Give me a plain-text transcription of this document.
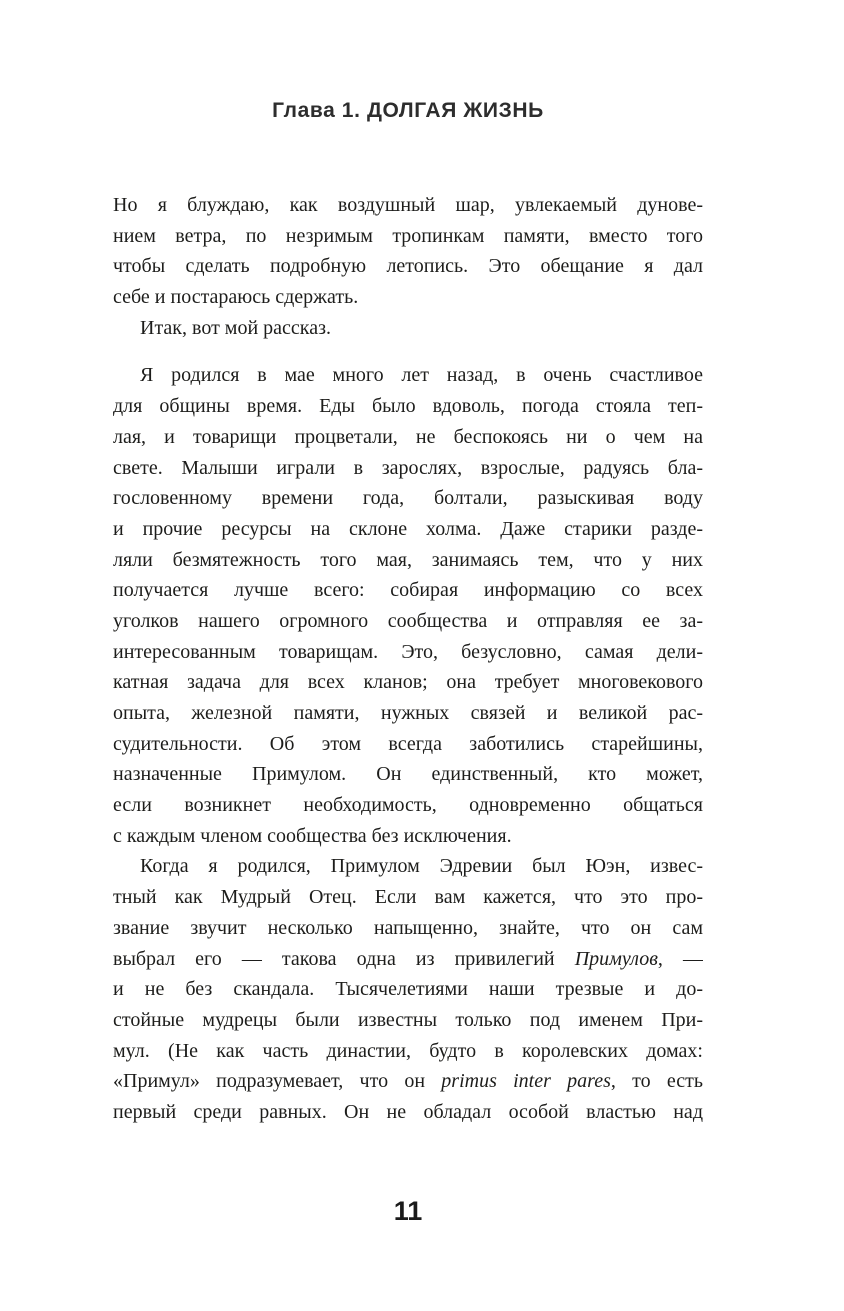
Глава 1. ДОЛГАЯ ЖИЗНЬ
Но я блуждаю, как воздушный шар, увлекаемый дунове-
нием ветра, по незримым тропинкам памяти, вместо того
чтобы сделать подробную летопись. Это обещание я дал
себе и постараюсь сдержать.
Итак, вот мой рассказ.
Я родился в мае много лет назад, в очень счастливое
для общины время. Еды было вдоволь, погода стояла теп-
лая, и товарищи процветали, не беспокоясь ни о чем на
свете. Малыши играли в зарослях, взрослые, радуясь бла-
гословенному времени года, болтали, разыскивая воду
и прочие ресурсы на склоне холма. Даже старики разде-
ляли безмятежность того мая, занимаясь тем, что у них
получается лучше всего: собирая информацию со всех
уголков нашего огромного сообщества и отправляя ее за-
интересованным товарищам. Это, безусловно, самая дели-
катная задача для всех кланов; она требует многовекового
опыта, железной памяти, нужных связей и великой рас-
судительности. Об этом всегда заботились старейшины,
назначенные Примулом. Он единственный, кто может,
если возникнет необходимость, одновременно общаться
с каждым членом сообщества без исключения.
Когда я родился, Примулом Эдревии был Юэн, извес-
тный как Мудрый Отец. Если вам кажется, что это про-
звание звучит несколько напыщенно, знайте, что он сам
выбрал его — такова одна из привилегий Примулов, —
и не без скандала. Тысячелетиями наши трезвые и до-
стойные мудрецы были известны только под именем При-
мул. (Не как часть династии, будто в королевских домах:
«Примул» подразумевает, что он primus inter pares, то есть
первый среди равных. Он не обладал особой властью над
11
